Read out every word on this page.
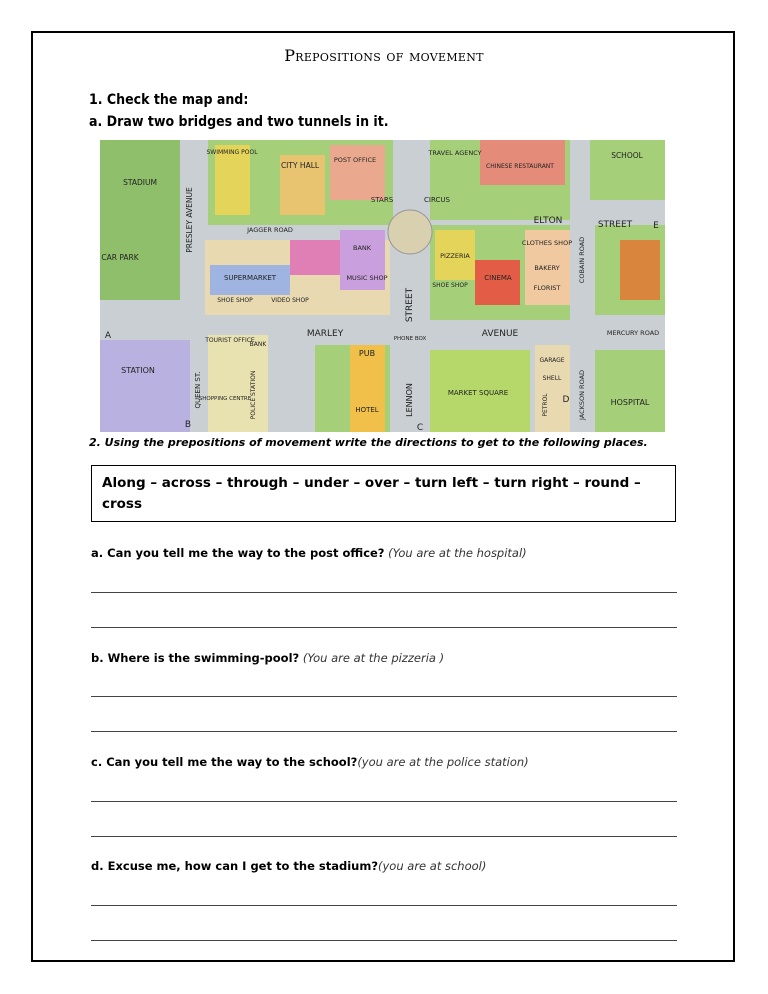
Prepositions of movement
1. Check the map and:
a. Draw two bridges and two tunnels in it.
STADIUM
SWIMMING POOL
CITY HALL
POST OFFICE
TRAVEL AGENCY
CHINESE RESTAURANT
SCHOOL
PRESLEY AVENUE	STARS	CIRCUS
ELTON	STREET
CAR PARK
JAGGER ROAD
BANK
SUPERMARKET	MUSIC SHOP
PIZZERIA
CLOTHES SHOP
BAKERY
FLORIST
CINEMA
SHOE SHOP
SHOE SHOP	VIDEO SHOP
COBAIN ROAD
MARLEY	AVENUE
STREET
PHONE BOX
MERCURY ROAD
TOURIST OFFICE
BANK
STATION
QUEEN ST.
PUB
GARAGE
SHELL
PETROL	JACKSON ROAD	HOSPITAL
MARKET SQUARE
HOTEL
SHOPPING CENTRE
POLICE STATION	LENNON
A
B	C
D
E
2. Using the prepositions of movement write the directions to get to the following places.
Along – across – through – under – over – turn left – turn right – round – cross
a. Can you tell me the way to the post office? (You are at the hospital)
b. Where is the swimming-pool? (You are at the pizzeria )
c. Can you tell me the way to the school?(you are at the police station)
d. Excuse me, how can I get to the stadium?(you are at school)
